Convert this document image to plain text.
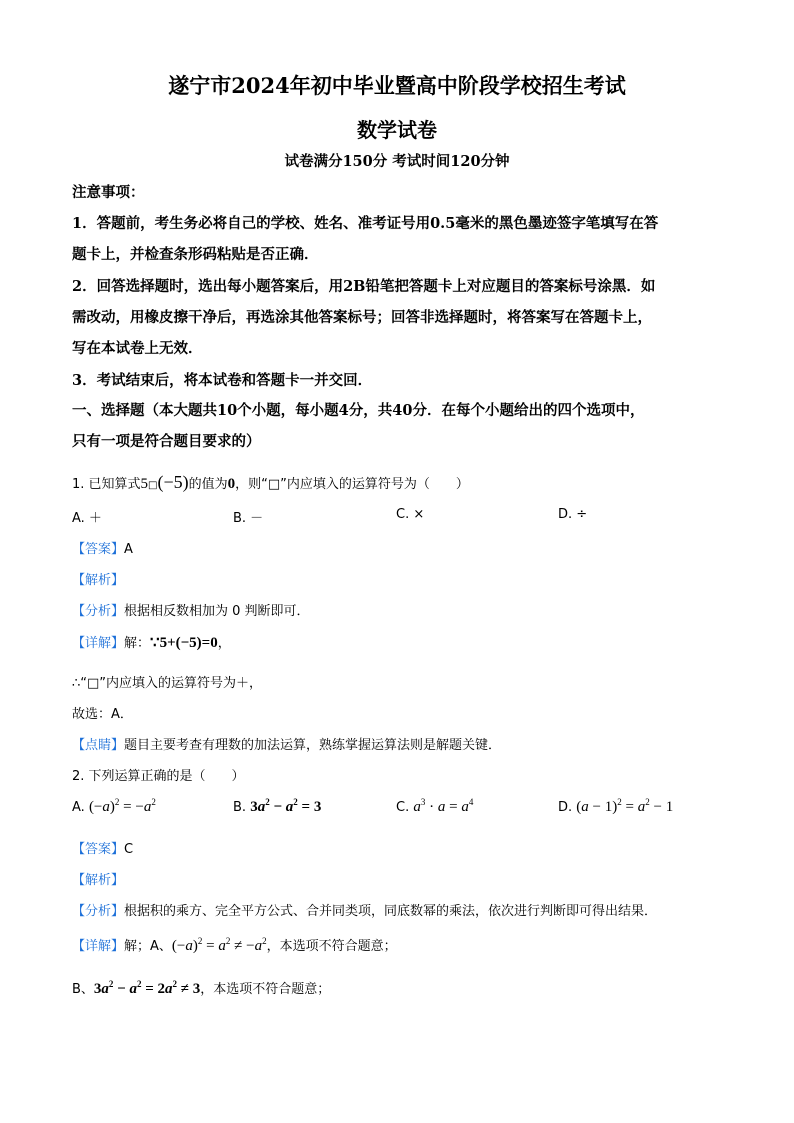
遂宁市2024年初中毕业暨高中阶段学校招生考试
数学试卷
试卷满分150分 考试时间120分钟
注意事项：
1．答题前，考生务必将自己的学校、姓名、准考证号用0.5毫米的黑色墨迹签字笔填写在答
题卡上，并检查条形码粘贴是否正确．
2．回答选择题时，选出每小题答案后，用2B铅笔把答题卡上对应题目的答案标号涂黑．如
需改动，用橡皮擦干净后，再选涂其他答案标号；回答非选择题时，将答案写在答题卡上，
写在本试卷上无效．
3．考试结束后，将本试卷和答题卡一并交回．
一、选择题（本大题共10个小题，每小题4分，共40分．在每个小题给出的四个选项中，
只有一项是符合题目要求的）
1. 已知算式5□(−5)的值为0，则“□”内应填入的运算符号为（　　）
A. ＋	B. －	C. ×	D. ÷
【答案】A
【解析】
【分析】根据相反数相加为 0 判断即可．
【详解】解：∵5+(−5)=0，
∴“□”内应填入的运算符号为＋，
故选：A．
【点睛】题目主要考查有理数的加法运算，熟练掌握运算法则是解题关键．
2. 下列运算正确的是（　　）
A. $(-a)^2 = -a^2$	B. $3a^2 - a^2 = 3$	C. $a^3 \cdot a = a^4$	D. $(a - 1)^2 = a^2 - 1$
【答案】C
【解析】
【分析】根据积的乘方、完全平方公式、合并同类项，同底数幂的乘法，依次进行判断即可得出结果．
【详解】解；A、$(-a)^2 = a^2 \ne -a^2$，本选项不符合题意；
B、$3a^2 - a^2 = 2a^2 \ne 3$，本选项不符合题意；
